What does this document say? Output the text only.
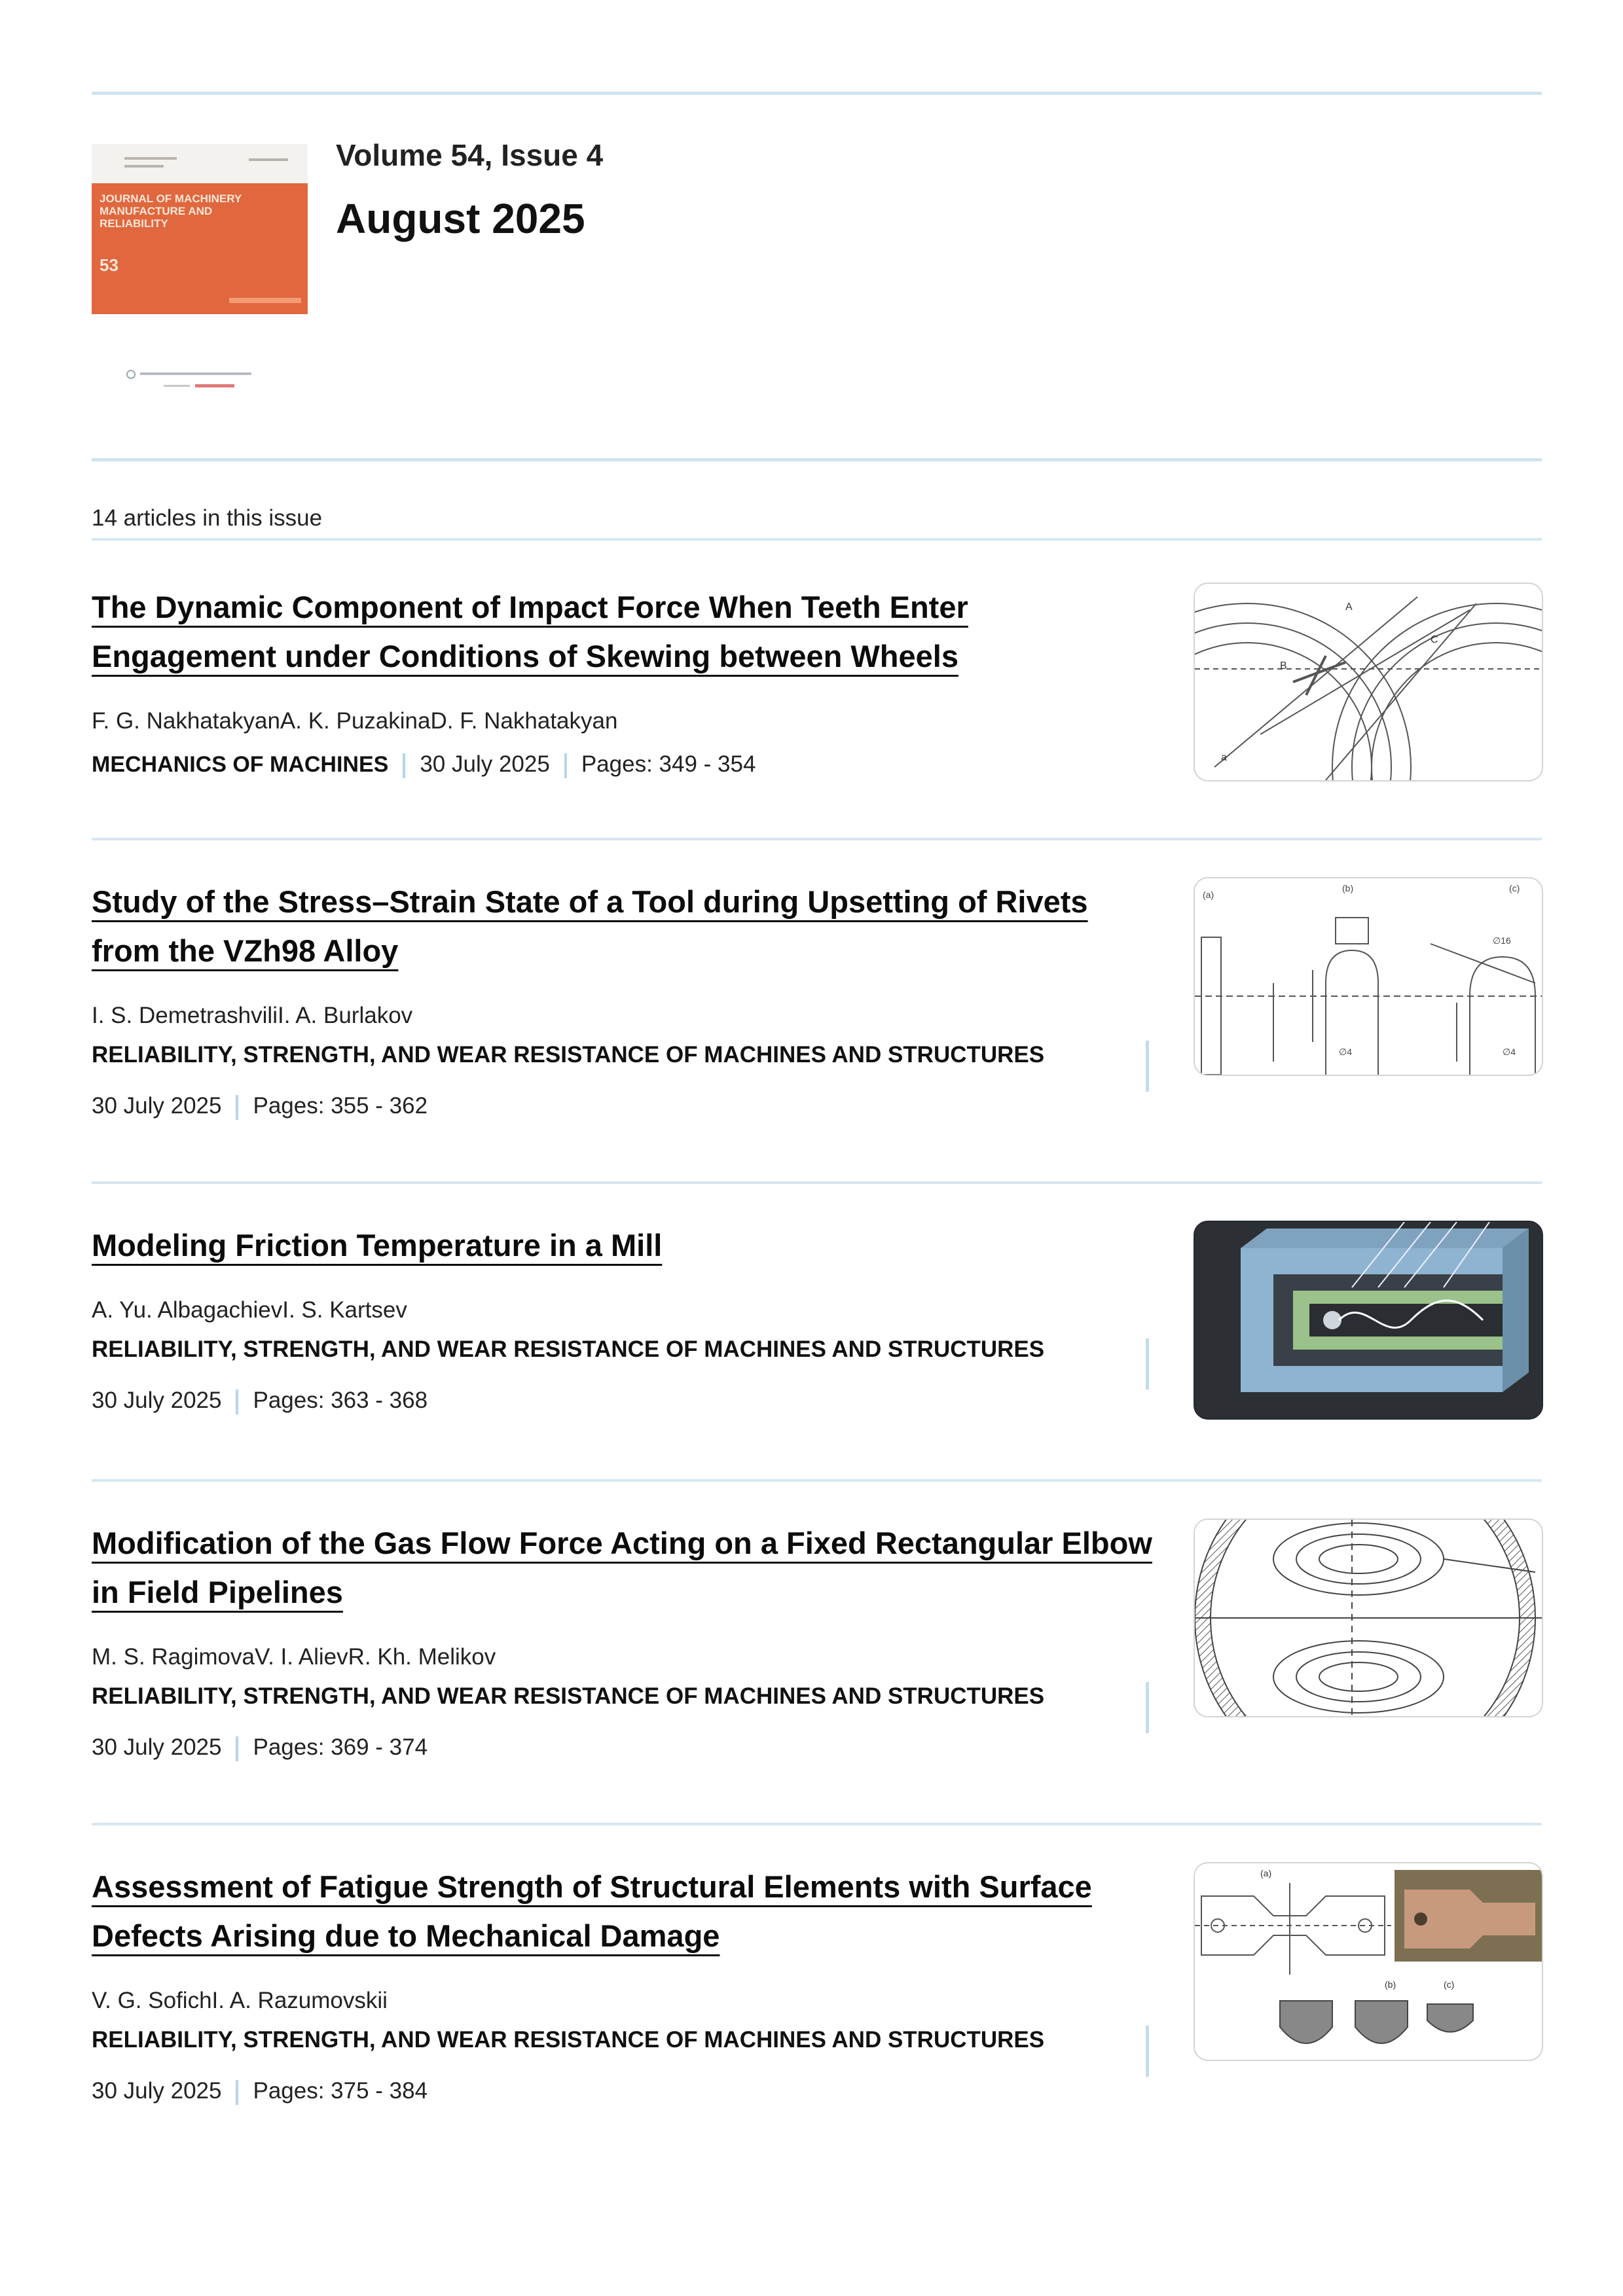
JOURNAL OF MACHINERY MANUFACTURE AND RELIABILITY
53
Volume 54, Issue 4
August 2025
14 articles in this issue
The Dynamic Component of Impact Force When Teeth Enter Engagement under Conditions of Skewing between Wheels
F. G. NakhatakyanA. K. PuzakinaD. F. Nakhatakyan
MECHANICS OF MACHINES 30 July 2025 Pages: 349 - 354
A
C
a
B
Study of the Stress–Strain State of a Tool during Upsetting of Rivets from the VZh98 Alloy
I. S. DemetrashviliI. A. Burlakov
RELIABILITY, STRENGTH, AND WEAR RESISTANCE OF MACHINES AND STRUCTURES
30 July 2025 Pages: 355 - 362
(a)
(b)	(c)
∅4	∅4
∅16
Modeling Friction Temperature in a Mill
A. Yu. AlbagachievI. S. Kartsev
RELIABILITY, STRENGTH, AND WEAR RESISTANCE OF MACHINES AND STRUCTURES
30 July 2025 Pages: 363 - 368
Modification of the Gas Flow Force Acting on a Fixed Rectangular Elbow in Field Pipelines
M. S. RagimovaV. I. AlievR. Kh. Melikov
RELIABILITY, STRENGTH, AND WEAR RESISTANCE OF MACHINES AND STRUCTURES
30 July 2025 Pages: 369 - 374
Assessment of Fatigue Strength of Structural Elements with Surface Defects Arising due to Mechanical Damage
V. G. SofichI. A. Razumovskii
RELIABILITY, STRENGTH, AND WEAR RESISTANCE OF MACHINES AND STRUCTURES
30 July 2025 Pages: 375 - 384
(a)
(b)	(c)
